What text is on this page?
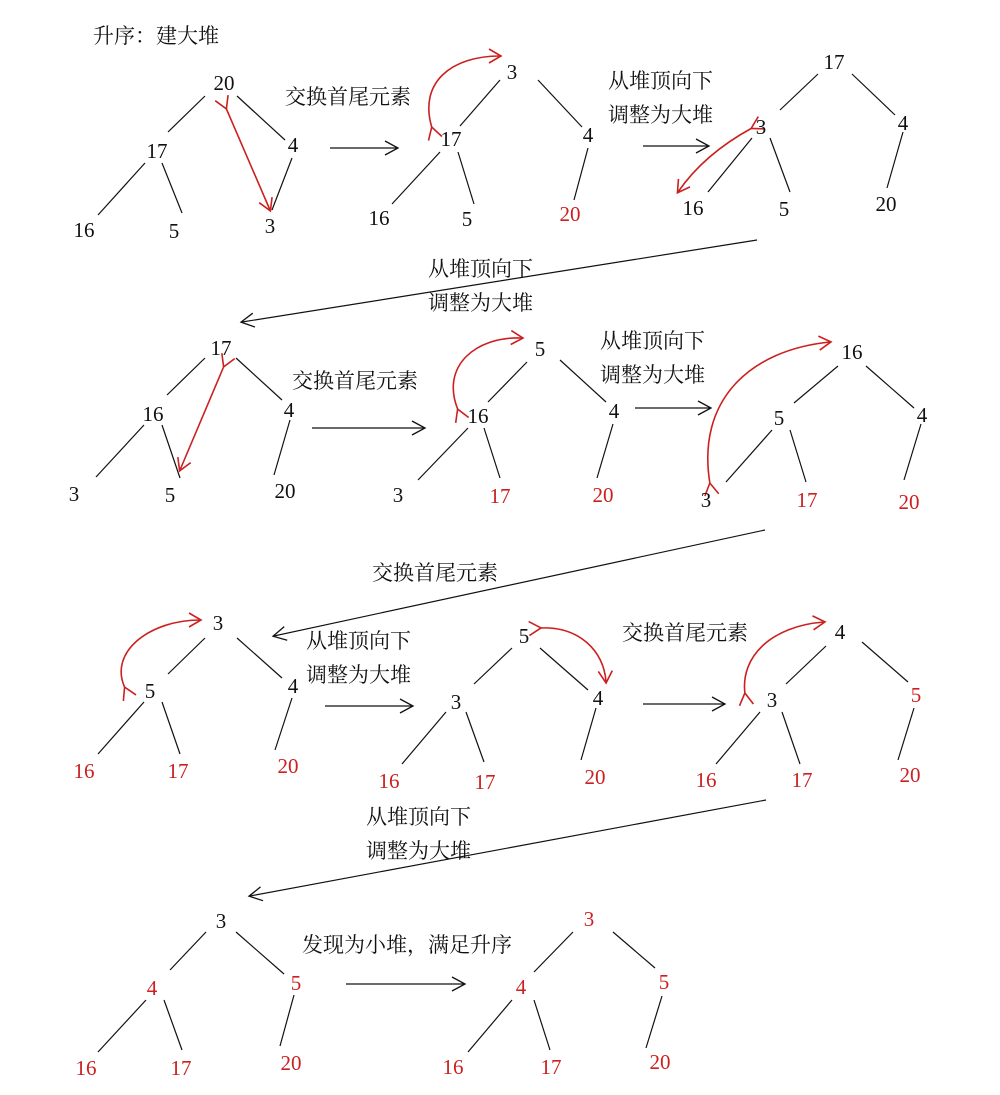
升序：建大堆
交换首尾元素
从堆顶向下
调整为大堆
从堆顶向下
调整为大堆
交换首尾元素
从堆顶向下
调整为大堆
交换首尾元素
从堆顶向下
调整为大堆
交换首尾元素
从堆顶向下
调整为大堆
发现为小堆，满足升序
20
17	4
16	5	3
3
17	4
16	5	20
17
3	4
16	5	20
17
16	4
3	5	20
5
16	4
3	17	20
16
5	4
3	17	20
3
5	4
16	17	20
5
3	4
16	17	20
4
3	5
16	17	20
3
4	5
16	17	20
3
4	5
16	17	20
